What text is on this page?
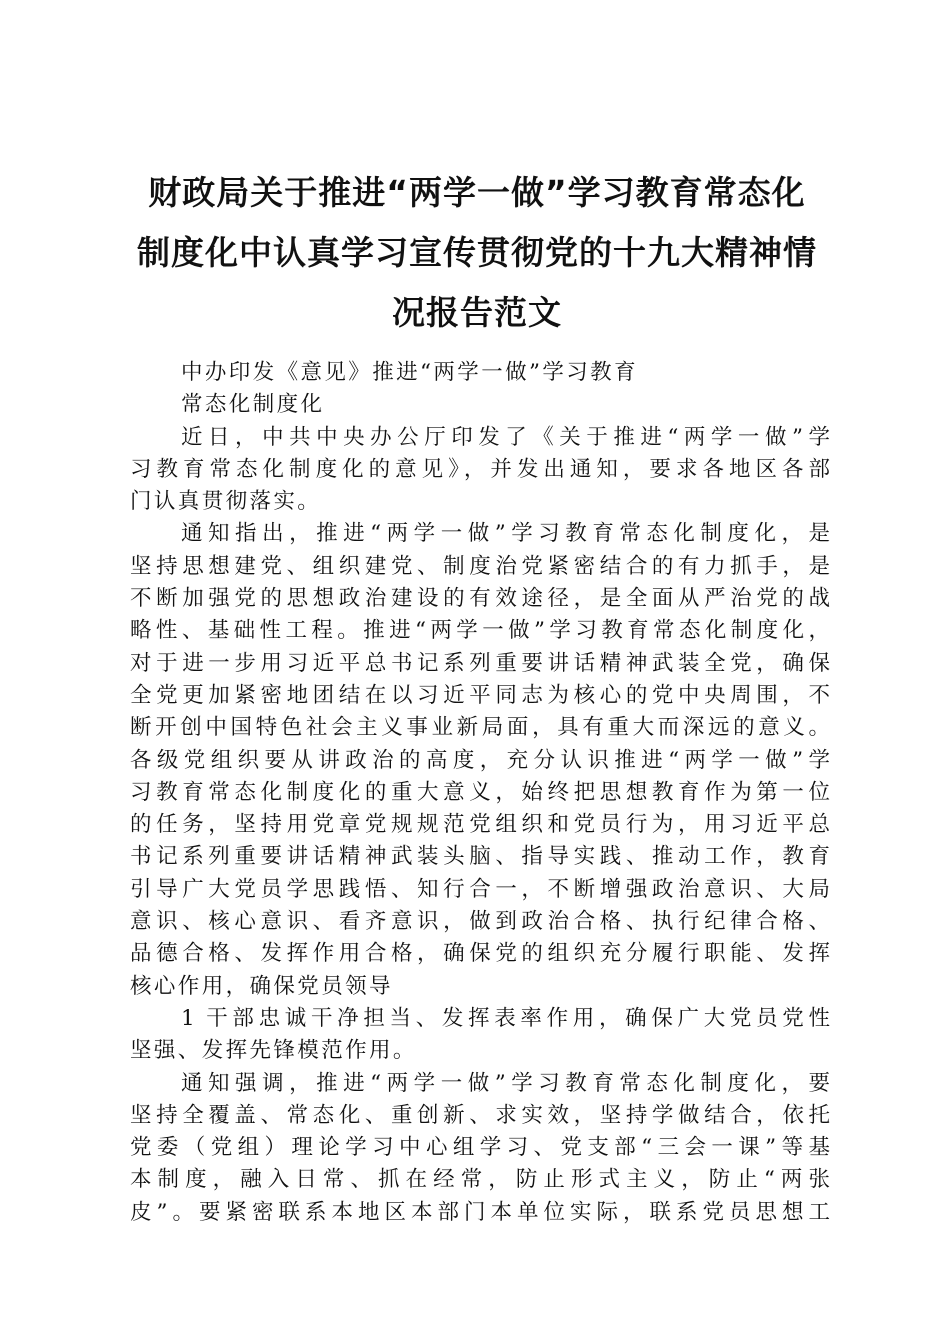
财政局关于推进“两学一做”学习教育常态化
制度化中认真学习宣传贯彻党的十九大精神情
况报告范文
中办印发《意见》推进“两学一做”学习教育
常态化制度化
近日，中共中央办公厅印发了《关于推进“两学一做”学
习教育常态化制度化的意见》，并发出通知，要求各地区各部
门认真贯彻落实。
通知指出，推进“两学一做”学习教育常态化制度化，是
坚持思想建党、组织建党、制度治党紧密结合的有力抓手，是
不断加强党的思想政治建设的有效途径，是全面从严治党的战
略性、基础性工程。推进“两学一做”学习教育常态化制度化，
对于进一步用习近平总书记系列重要讲话精神武装全党，确保
全党更加紧密地团结在以习近平同志为核心的党中央周围，不
断开创中国特色社会主义事业新局面，具有重大而深远的意义。
各级党组织要从讲政治的高度，充分认识推进“两学一做”学
习教育常态化制度化的重大意义，始终把思想教育作为第一位
的任务，坚持用党章党规规范党组织和党员行为，用习近平总
书记系列重要讲话精神武装头脑、指导实践、推动工作，教育
引导广大党员学思践悟、知行合一，不断增强政治意识、大局
意识、核心意识、看齐意识，做到政治合格、执行纪律合格、
品德合格、发挥作用合格，确保党的组织充分履行职能、发挥
核心作用，确保党员领导
1 干部忠诚干净担当、发挥表率作用，确保广大党员党性
坚强、发挥先锋模范作用。
通知强调，推进“两学一做”学习教育常态化制度化，要
坚持全覆盖、常态化、重创新、求实效，坚持学做结合，依托
党委（党组）理论学习中心组学习、党支部“三会一课”等基
本制度，融入日常、抓在经常，防止形式主义，防止“两张
皮”。要紧密联系本地区本部门本单位实际，联系党员思想工
